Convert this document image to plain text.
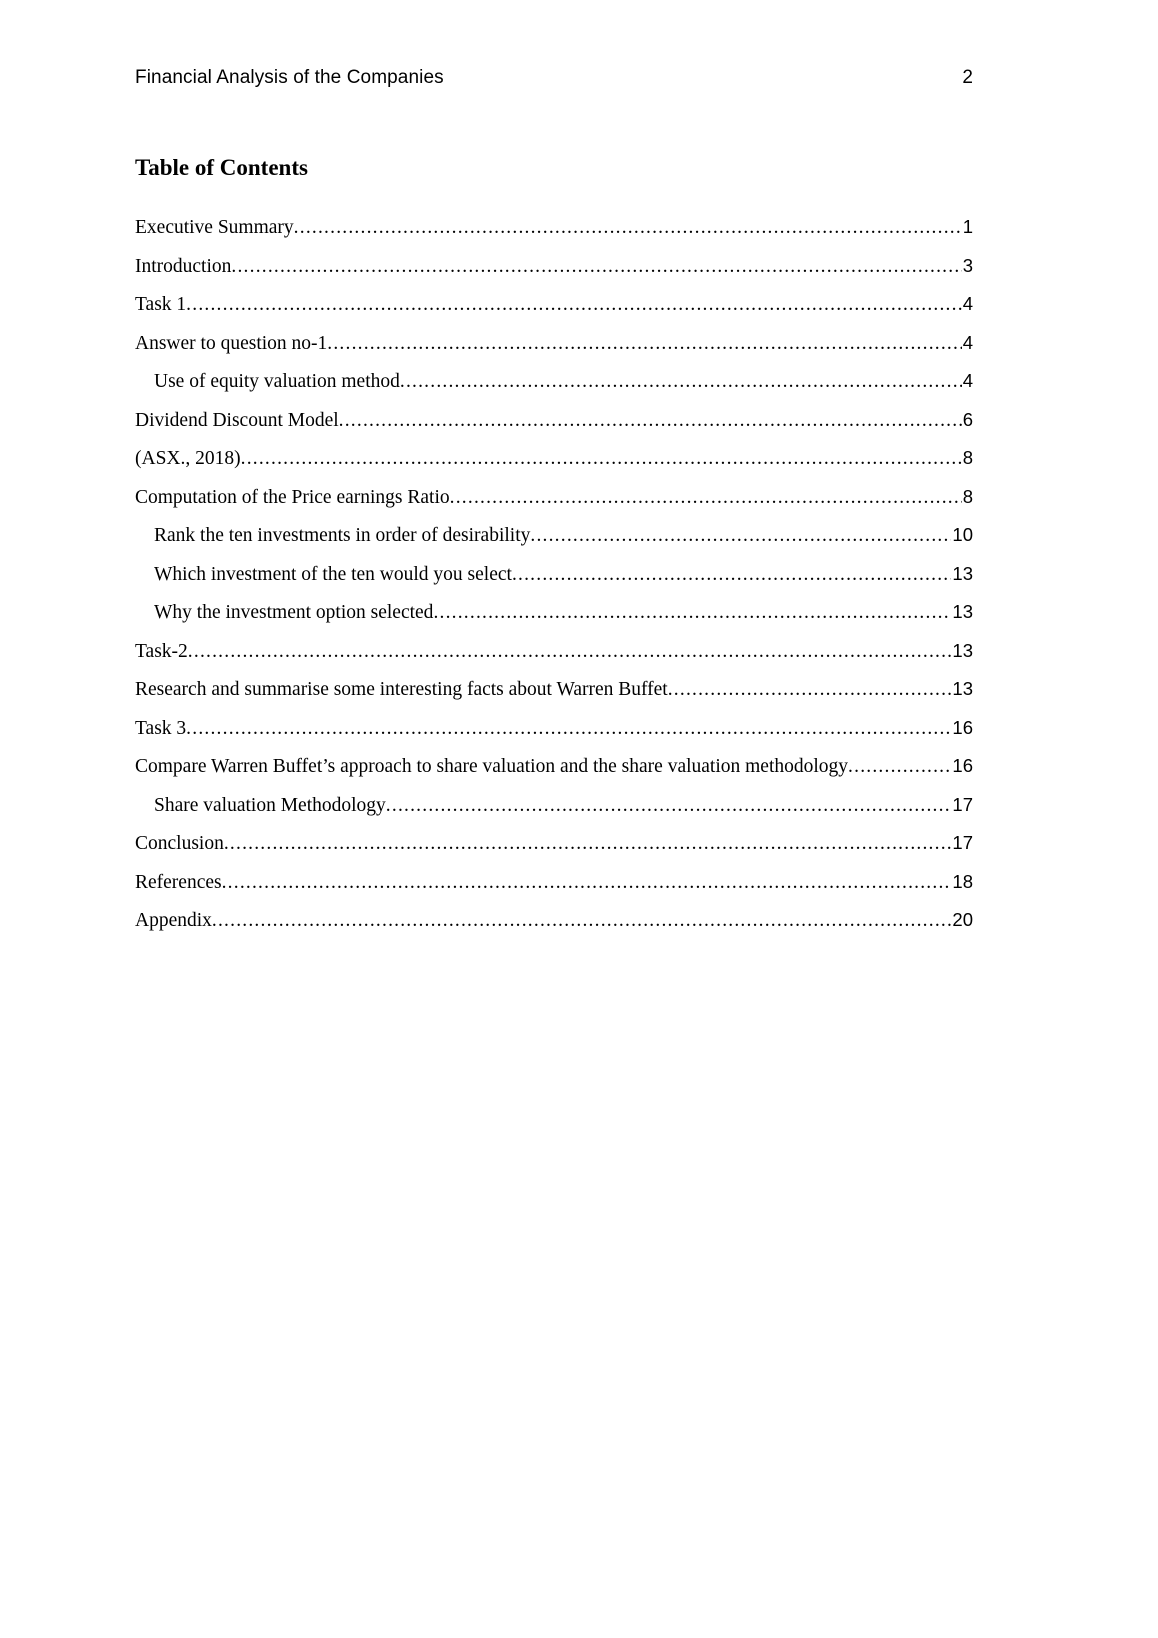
Financial Analysis of the Companies	2
Table of Contents
Executive Summary .....	1
Introduction .....	3
Task 1 .....	4
Answer to question no-1 .....	4
Use of equity valuation method .....	4
Dividend Discount Model .....	6
(ASX., 2018) .....	8
Computation of the Price earnings Ratio .....	8
Rank the ten investments in order of desirability .....	10
Which investment of the ten would you select .....	13
Why the investment option selected .....	13
Task-2 .....	13
Research and summarise some interesting facts about Warren Buffet .....	13
Task 3 .....	16
Compare Warren Buffet’s approach to share valuation and the share valuation methodology .....	16
Share valuation Methodology .....	17
Conclusion .....	17
References .....	18
Appendix .....	20
